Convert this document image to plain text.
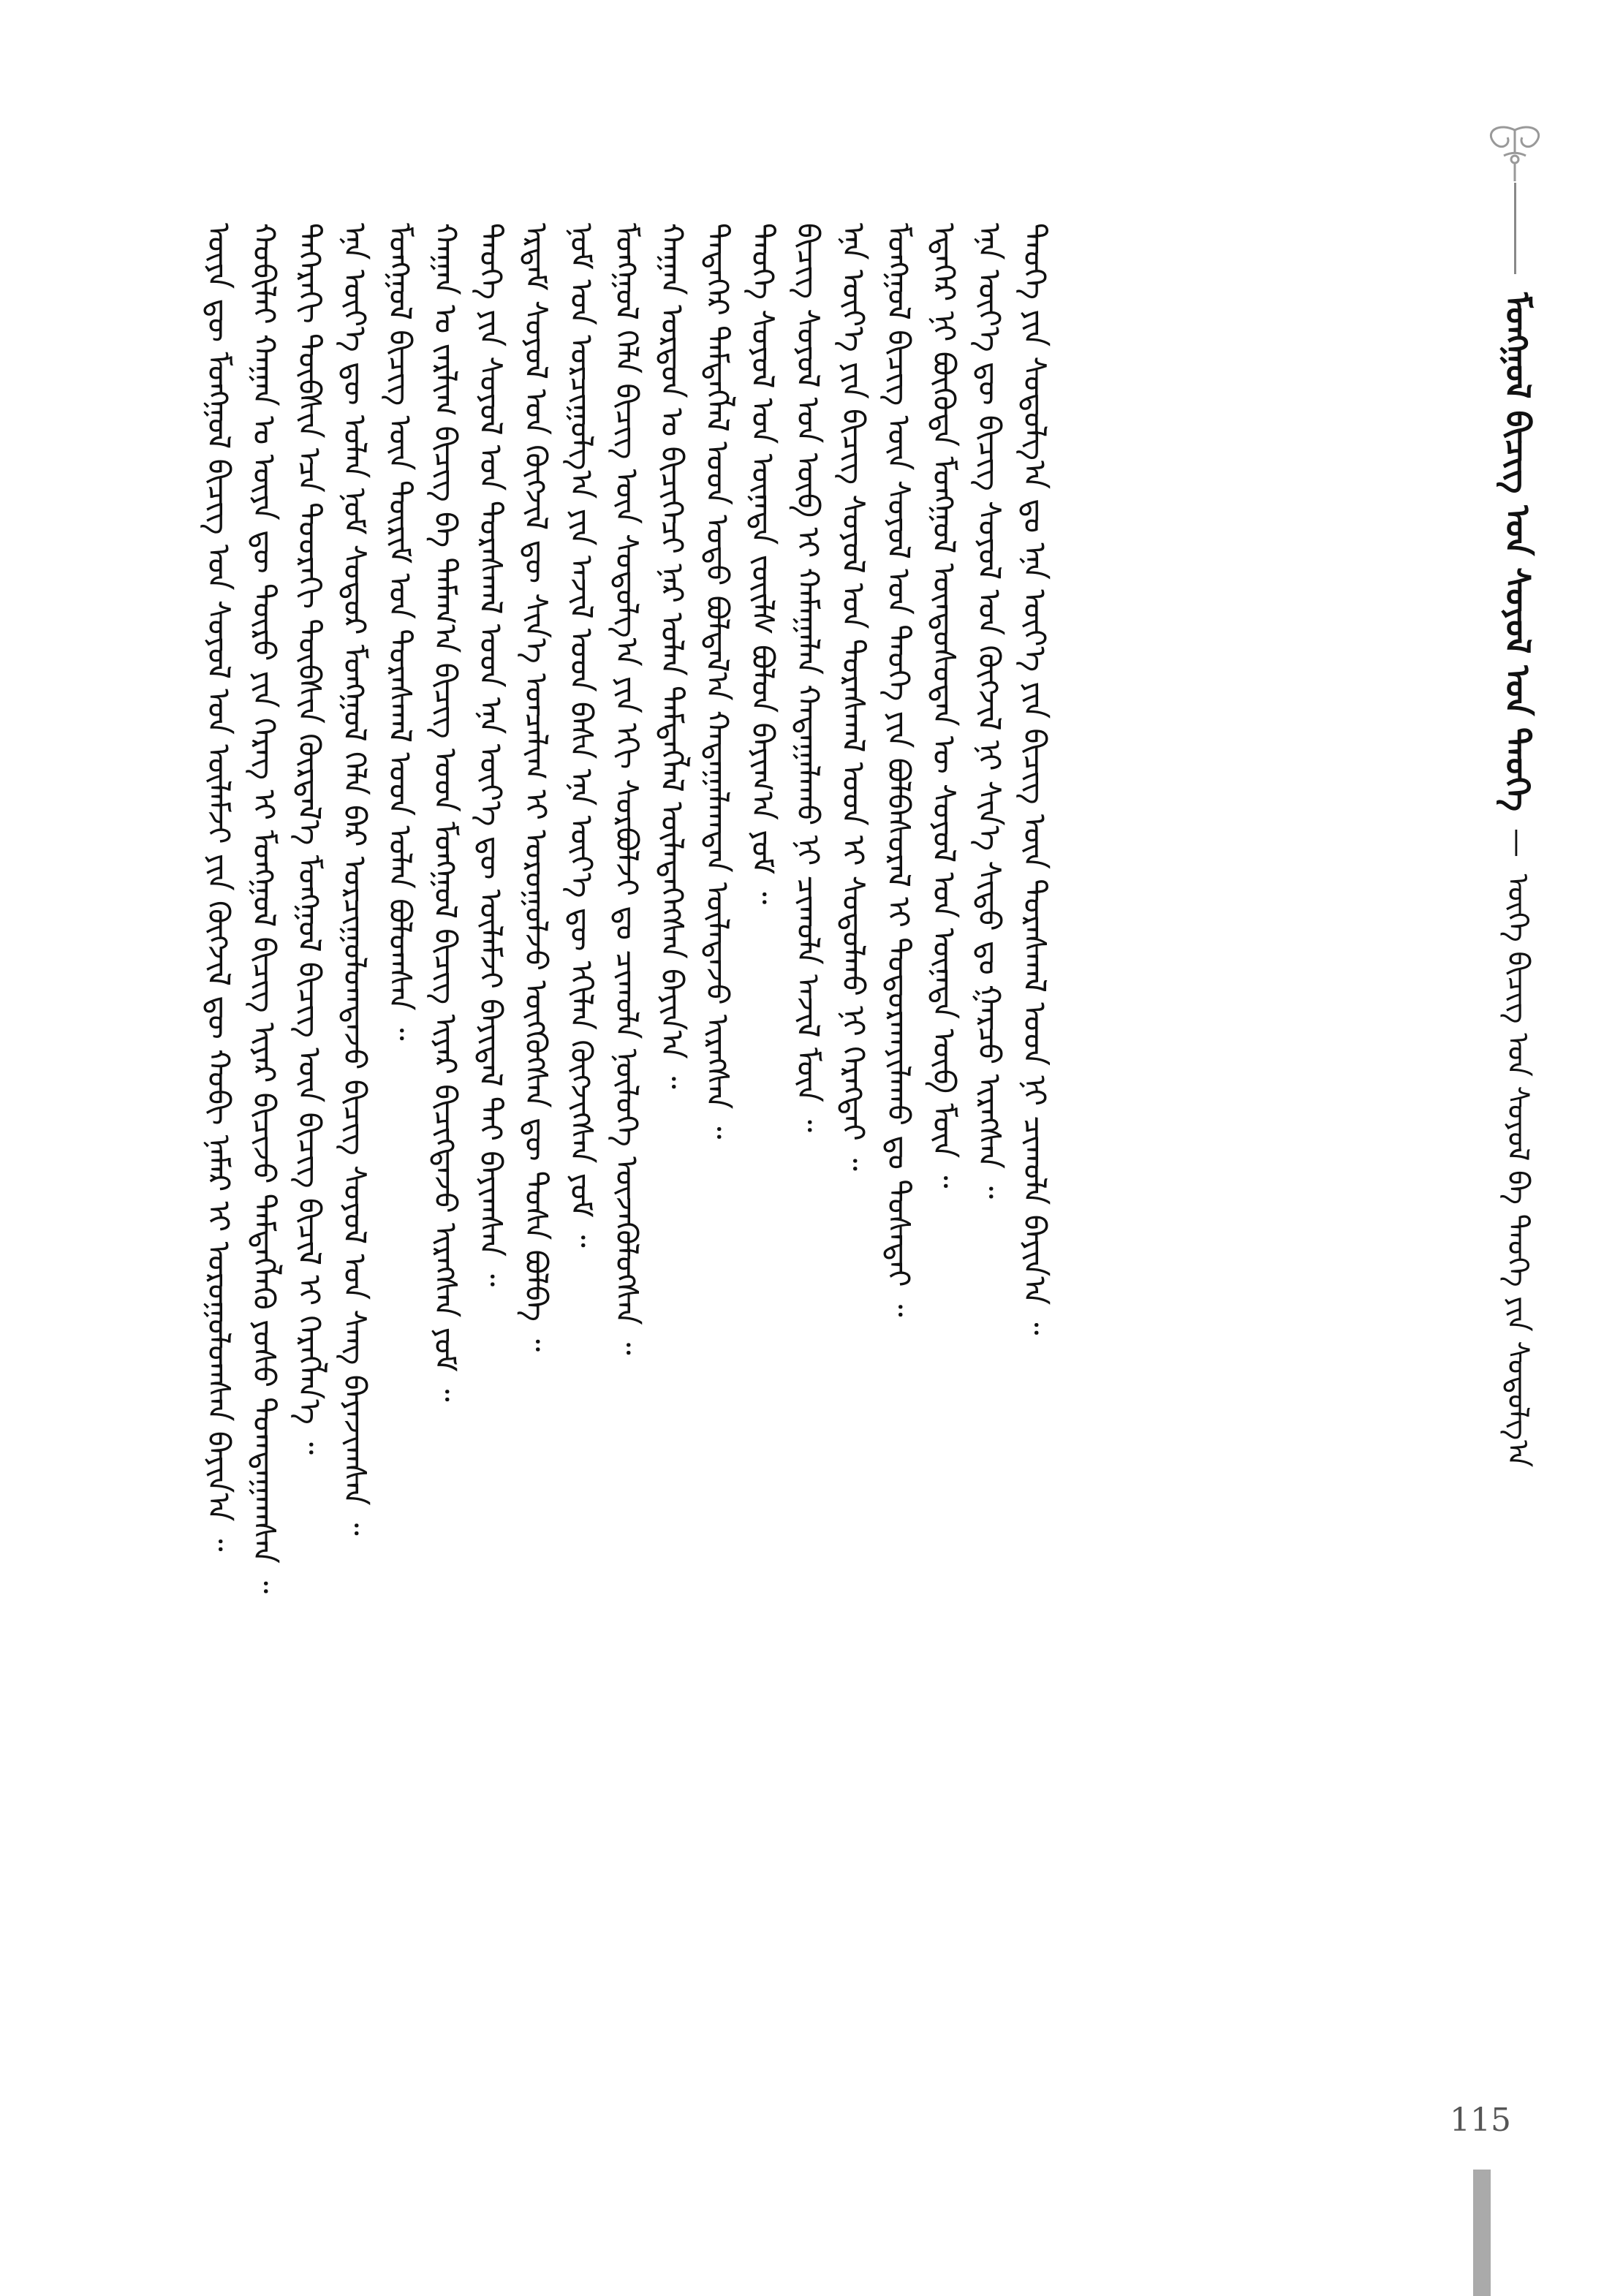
ᠮᠣᠩᠭᠣᠯ ᠪᠢᠴᠢᠭ ᠤᠨ ᠰᠣᠶᠣᠯ ᠤᠨ ᠲᠡᠦᠬᠡ — ᠦᠭᠡ ᠪᠢᠴᠢᠭ ᠤᠨ ᠰᠣᠶᠣᠯ ᠪᠠ ᠲᠡᠦᠬᠡ ᠶᠢᠨ ᠰᠤᠳᠤᠯᠭ᠎ᠠ
ᠦᠶᠡ ᠳᠦ ᠮᠣᠩᠭᠣᠯ ᠪᠢᠴᠢᠭ ᠤᠨ ᠰᠣᠶᠣᠯ ᠤᠨ ᠦᠯᠡᠮᠵᠢ ᠶᠢᠨ ᠬᠥᠭᠵᠢᠯ ᠳᠦ ᠬᠤᠪᠢ ᠨᠡᠮᠡᠷ ᠢ ᠣᠷᠤᠭᠤᠯᠤᠭᠰᠠᠨ ᠪᠠᠶᠢᠨ᠎ᠠ ᠃ ᠬᠤᠪᠢᠯᠠᠢ ᠬᠠᠭᠠᠨ ᠤ ᠦᠶᠡ ᠳᠦ ᠲᠥᠷᠥ ᠶᠢᠨ ᠬᠡᠷᠡᠭ ᠢ ᠮᠣᠩᠭᠣᠯ ᠪᠢᠴᠢᠭ ᠢᠶᠡᠷ ᠪᠢᠴᠢᠵᠦ ᠲᠡᠮᠳᠡᠭᠯᠡᠬᠦ ᠶᠣᠰᠣ ᠲᠣᠭᠲᠠᠭᠠᠭᠰᠠᠨ ᠃ ᠳᠡᠭᠡᠷᠡᠬᠢ ᠲᠦᠪᠰᠢᠨ ᠡᠴᠡ ᠳᠣᠣᠷᠠᠬᠢ ᠲᠦᠪᠰᠢᠨ ᠬᠦᠷᠲᠡᠯ᠎ᠡ ᠮᠣᠩᠭᠣᠯ ᠪᠢᠴᠢᠭ ᠦᠨ ᠪᠢᠴᠢᠭ ᠪᠢᠴᠢᠯ ᠢ ᠬᠡᠷᠡᠭᠯᠡᠨ᠎ᠡ ᠃ ᠡᠨᠡ ᠦᠶ᠎ᠡ ᠳᠦ ᠣᠯᠠᠨ ᠨᠣᠮ ᠰᠤᠳᠤᠷ ᠮᠣᠩᠭᠣᠯ ᠬᠡᠯᠡ ᠪᠡᠷ ᠣᠷᠴᠢᠭᠤᠯᠤᠭᠳᠠᠵᠤ ᠪᠢᠴᠢᠭ ᠰᠣᠶᠣᠯ ᠤᠨ ᠰᠠᠩ ᠪᠠᠶᠠᠵᠢᠭᠰᠠᠨ ᠃ ᠮᠣᠩᠭᠣᠯ ᠪᠢᠴᠢᠭ ᠦᠨ ᠳᠦᠷᠢᠮ ᠤᠨ ᠳᠤᠷᠠᠰᠬᠠᠯ ᠤᠳ ᠣᠯᠠᠨ ᠪᠣᠯᠤᠭᠰᠠᠨ ᠃ ᠬᠠᠭᠠᠨ ᠤ ᠵᠠᠷᠯᠢᠭ ᠪᠢᠴᠢᠭ ᠪᠠ ᠲᠠᠮᠠᠭ᠎ᠠ ᠪᠢᠴᠢᠭ ᠤᠳ ᠮᠣᠩᠭᠣᠯ ᠪᠢᠴᠢᠭ ᠢᠶᠡᠷ ᠪᠢᠴᠢᠭᠳᠡᠵᠦ ᠢᠷᠡᠭᠰᠡᠨ ᠶᠤᠮ ᠃ ᠲᠡᠦᠬᠡ ᠶᠢᠨ ᠰᠣᠶᠣᠯ ᠤᠨ ᠳᠤᠷᠠᠰᠬᠠᠯ ᠤᠳ ᠡᠨᠡ ᠦᠶ᠎ᠡ ᠳᠦ ᠦᠯᠡᠮᠵᠢ ᠪᠠᠶᠢᠳᠠᠯ ᠲᠠᠢ ᠪᠠᠶᠢᠭᠰᠠᠨ ᠃ ᠡᠷᠳᠡᠮ ᠰᠣᠶᠣᠯ ᠤᠨ ᠬᠥᠭᠵᠢᠯ ᠳᠦ ᠰᠢᠨ᠎ᠡ ᠣᠨᠴᠠᠯᠢᠭ ᠢ ᠣᠷᠤᠭᠤᠯᠵᠤ ᠥᠭᠭᠦᠭᠰᠡᠨ ᠳᠦ ᠲᠤᠰᠠ ᠪᠣᠯᠪᠠ ᠃ ᠨᠣᠮ ᠤᠨ ᠣᠷᠴᠢᠭᠤᠯᠭ᠎ᠠ ᠶᠢᠨ ᠠᠵᠢᠯ ᠤᠳ ᠪᠠᠰᠠ ᠡᠨᠡ ᠦᠶ᠎ᠡ ᠳᠦ ᠡᠬᠢᠯᠡᠨ ᠬᠥᠭᠵᠢᠭᠰᠡᠨ ᠶᠤᠮ ᠃ ᠮᠣᠩᠭᠣᠯ ᠬᠡᠯᠡ ᠪᠢᠴᠢᠭ ᠦᠨ ᠰᠤᠳᠤᠯᠭ᠎ᠠ ᠶᠢᠨ ᠡᠬᠢ ᠰᠤᠷᠪᠤᠯᠵᠢ ᠳᠤ ᠴᠢᠬᠤᠯᠠ ᠨᠥᠯᠦᠭᠡ ᠦᠵᠡᠭᠦᠯᠦᠭᠰᠡᠨ ᠃ ᠬᠠᠭᠠᠨ ᠣᠷᠳᠣᠨ ᠤ ᠪᠢᠴᠢᠭᠡᠴᠢ ᠨᠠᠷ ᠣᠯᠠᠨ ᠲᠡᠮᠳᠡᠭᠯᠡᠯ ᠦᠯᠡᠳᠡᠭᠡᠭᠰᠡᠨ ᠪᠠᠶᠢᠨ᠎ᠠ ᠃ ᠲᠡᠳᠡᠭᠡᠷ ᠲᠡᠮᠳᠡᠭᠯᠡᠯ ᠤᠳ ᠣᠳᠣ ᠪᠣᠯᠲᠠᠯ᠎ᠠ ᠬᠠᠳᠠᠭᠠᠯᠠᠭᠳᠠᠨ ᠦᠯᠡᠳᠡᠵᠦ ᠢᠷᠡᠭᠰᠡᠨ ᠃ ᠲᠡᠦᠬᠡ ᠰᠣᠶᠣᠯ ᠤᠨ ᠦᠨᠡᠲᠡ ᠵᠦᠢᠯᠰ ᠪᠣᠯᠤᠨ ᠪᠠᠶᠢᠭ᠎ᠠ ᠶᠤᠮ ᠃ ᠪᠢᠴᠢᠭ ᠰᠣᠶᠣᠯ ᠤᠨ ᠥᠪ ᠢ ᠬᠠᠮᠠᠭᠠᠯᠠᠨ ᠬᠠᠳᠠᠭᠠᠯᠠᠬᠤ ᠨᠢ ᠴᠢᠬᠤᠯᠠ ᠠᠵᠢᠯ ᠮᠥᠨ ᠃ ᠡᠨᠡ ᠦᠶ᠎ᠡ ᠶᠢᠨ ᠪᠢᠴᠢᠭ ᠰᠣᠶᠣᠯ ᠤᠨ ᠳᠤᠷᠠᠰᠬᠠᠯ ᠤᠳ ᠢ ᠰᠤᠳᠤᠯᠬᠤ ᠨᠢ ᠬᠡᠷᠡᠭᠲᠡᠢ ᠃ ᠮᠣᠩᠭᠣᠯ ᠪᠢᠴᠢᠭ ᠦᠨ ᠰᠣᠶᠣᠯ ᠤᠨ ᠲᠡᠦᠬᠡ ᠶᠢᠨ ᠪᠣᠯᠪᠠᠰᠤᠷᠠᠯ ᠢ ᠲᠣᠳᠣᠷᠬᠠᠶᠢᠯᠠᠬᠤ ᠳᠤ ᠲᠤᠰᠠᠲᠠᠢ ᠃ ᠡᠳᠡᠭᠡᠷ ᠨᠢ ᠪᠦᠭᠦᠳᠡ ᠮᠣᠩᠭᠣᠯ ᠦᠨᠳᠦᠰᠦᠲᠡᠨ ᠦ ᠰᠣᠶᠣᠯ ᠤᠨ ᠦᠨᠡᠲᠡ ᠥᠪ ᠮᠥᠨ ᠃ ᠡᠨᠡ ᠦᠶ᠎ᠡ ᠳᠦ ᠪᠢᠴᠢᠭ ᠰᠣᠶᠣᠯ ᠤᠨ ᠬᠥᠭᠵᠢᠯ ᠨᠢ ᠰᠢᠨ᠎ᠡ ᠰᠢᠲᠤ ᠳᠤ ᠭᠠᠷᠴᠤ ᠢᠷᠡᠭᠰᠡᠨ ᠃ ᠲᠡᠦᠬᠡ ᠶᠢᠨ ᠰᠤᠳᠤᠯᠭ᠎ᠠ ᠳᠤ ᠡᠨᠡ ᠦᠶ᠎ᠡ ᠶᠢᠨ ᠪᠢᠴᠢᠭ ᠦᠨ ᠳᠤᠷᠠᠰᠬᠠᠯ ᠤᠳ ᠨᠢ ᠴᠢᠬᠤᠯᠠ ᠪᠠᠶᠢᠨ᠎ᠠ ᠃
115
